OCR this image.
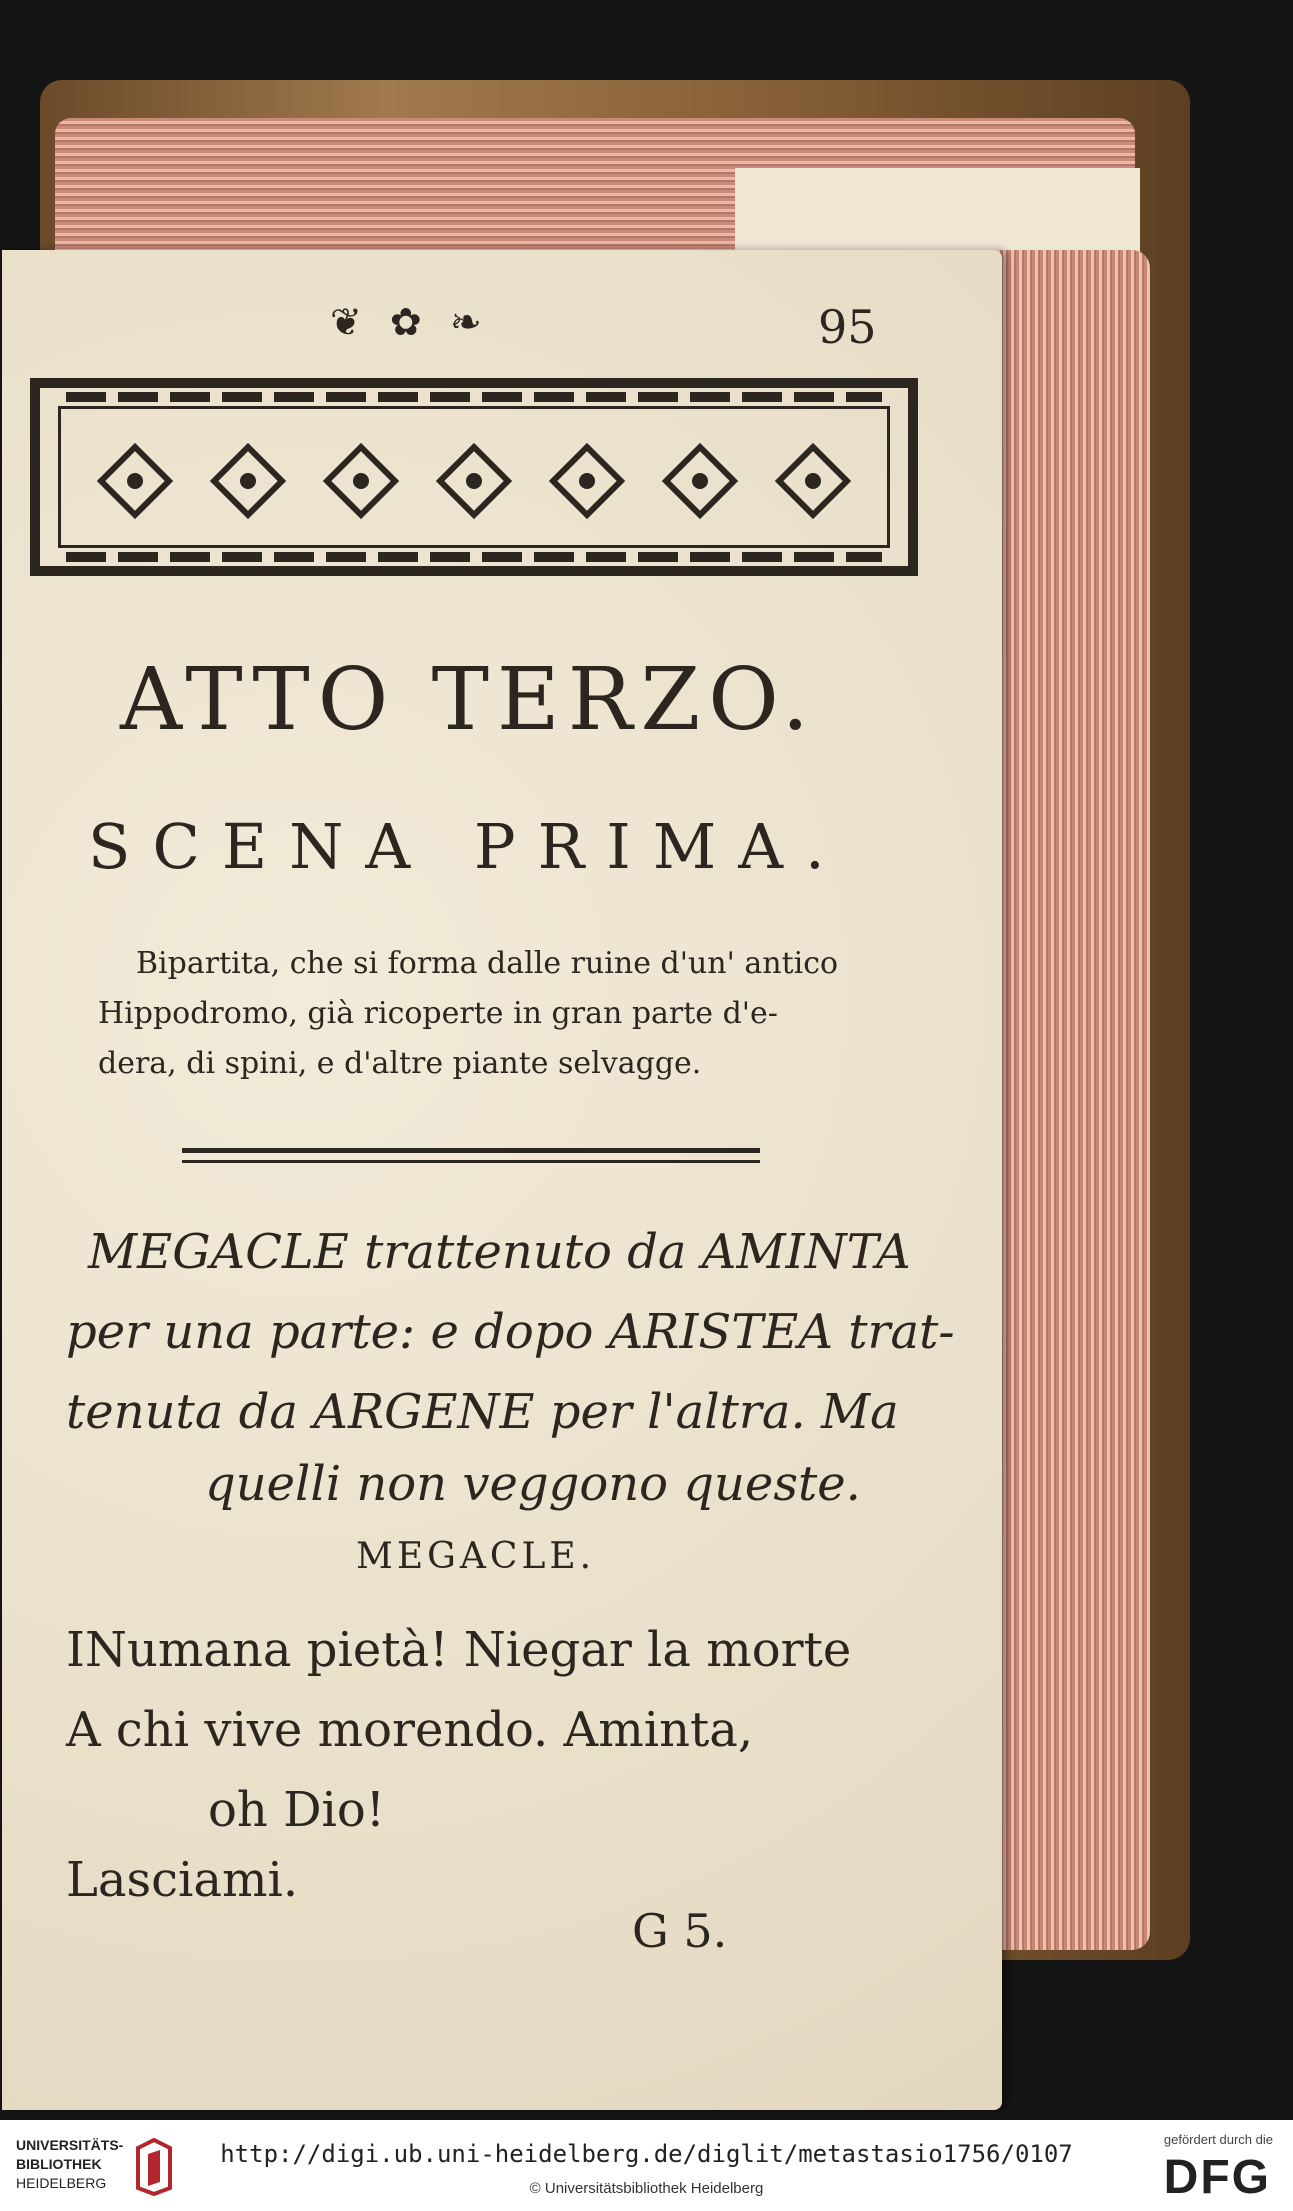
❦ ✿ ❧	95
ATTO TERZO.
SCENA PRIMA.
Bipartita, che si forma dalle ruine d'un' antico
Hippodromo, già ricoperte in gran parte d'e-
dera, di spini, e d'altre piante selvagge.
MEGACLE trattenuto da AMINTA
per una parte: e dopo ARISTEA trat-
tenuta da ARGENE per l'altra. Ma
quelli non veggono queste.
MEGACLE.
INumana pietà! Niegar la morte
A chi vive morendo. Aminta,
oh Dio!
Lasciami.
G 5.
UNIVERSITÄTS-
BIBLIOTHEK
HEIDELBERG
http://digi.ub.uni-heidelberg.de/diglit/metastasio1756/0107
© Universitätsbibliothek Heidelberg
gefördert durch die
DFG
